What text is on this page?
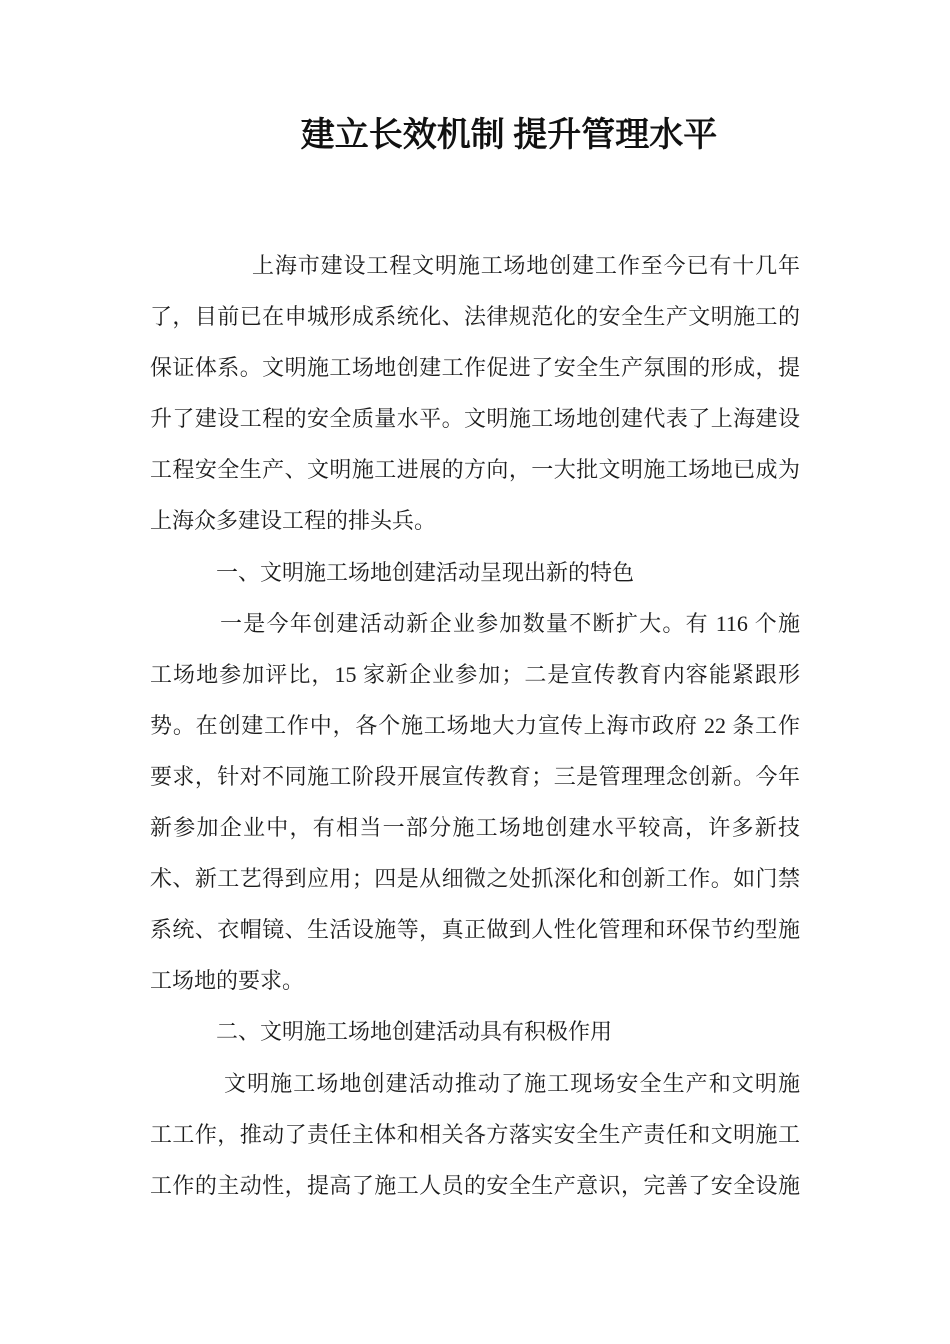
建立长效机制 提升管理水平
上海市建设工程文明施工场地创建工作至今已有十几年
了，目前已在申城形成系统化、法律规范化的安全生产文明施工的
保证体系。文明施工场地创建工作促进了安全生产氛围的形成，提
升了建设工程的安全质量水平。文明施工场地创建代表了上海建设
工程安全生产、文明施工进展的方向，一大批文明施工场地已成为
上海众多建设工程的排头兵。
一、文明施工场地创建活动呈现出新的特色
一是今年创建活动新企业参加数量不断扩大。有 116 个施
工场地参加评比，15 家新企业参加；二是宣传教育内容能紧跟形
势。在创建工作中，各个施工场地大力宣传上海市政府 22 条工作
要求，针对不同施工阶段开展宣传教育；三是管理理念创新。今年
新参加企业中，有相当一部分施工场地创建水平较高，许多新技
术、新工艺得到应用；四是从细微之处抓深化和创新工作。如门禁
系统、衣帽镜、生活设施等，真正做到人性化管理和环保节约型施
工场地的要求。
二、文明施工场地创建活动具有积极作用
文明施工场地创建活动推动了施工现场安全生产和文明施
工工作，推动了责任主体和相关各方落实安全生产责任和文明施工
工作的主动性，提高了施工人员的安全生产意识，完善了安全设施
